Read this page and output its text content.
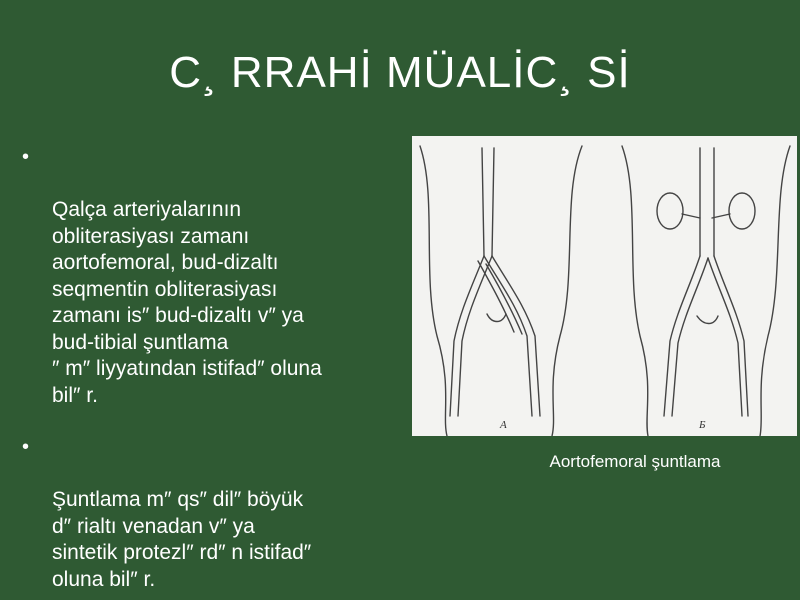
C¸ RRAHİ MÜALİC¸ Sİ

•

Qalça arteriyalarının
obliterasiyası zamanı
aortofemoral, bud-dizaltı
seqmentin obliterasiyası
zamanı is″ bud-dizaltı v″ ya
bud-tibial şuntlama
″ m″ liyyatından istifad″ oluna
bil″ r.

•

Şuntlama m″ qs″ dil″ böyük
d″ rialtı venadan v″ ya
sintetik protezl″ rd″ n istifad″
oluna bil″ r.

А	Б
Aortofemoral şuntlama
